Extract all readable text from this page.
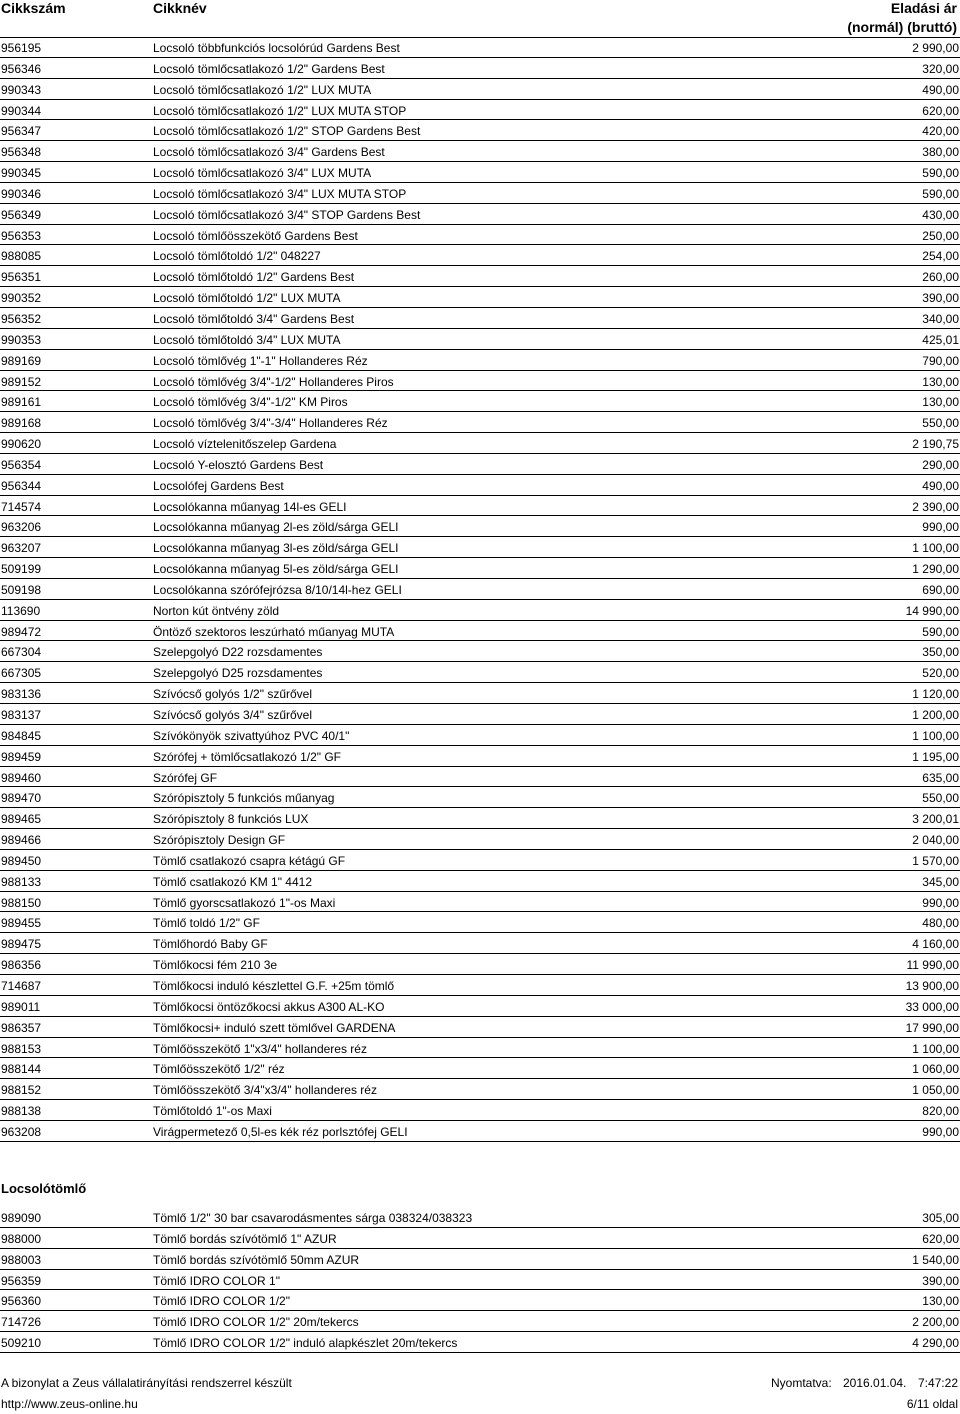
Cikkszám	Cikknév	Eladási ár
(normál) (bruttó)
956195	Locsoló többfunkciós locsolórúd Gardens Best	2 990,00
956346	Locsoló tömlőcsatlakozó 1/2" Gardens Best	320,00
990343	Locsoló tömlőcsatlakozó 1/2" LUX MUTA	490,00
990344	Locsoló tömlőcsatlakozó 1/2" LUX MUTA STOP	620,00
956347	Locsoló tömlőcsatlakozó 1/2" STOP Gardens Best	420,00
956348	Locsoló tömlőcsatlakozó 3/4" Gardens Best	380,00
990345	Locsoló tömlőcsatlakozó 3/4" LUX MUTA	590,00
990346	Locsoló tömlőcsatlakozó 3/4" LUX MUTA STOP	590,00
956349	Locsoló tömlőcsatlakozó 3/4" STOP Gardens Best	430,00
956353	Locsoló tömlőösszekötő Gardens Best	250,00
988085	Locsoló tömlőtoldó 1/2" 048227	254,00
956351	Locsoló tömlőtoldó 1/2" Gardens Best	260,00
990352	Locsoló tömlőtoldó 1/2" LUX MUTA	390,00
956352	Locsoló tömlőtoldó 3/4" Gardens Best	340,00
990353	Locsoló tömlőtoldó 3/4" LUX MUTA	425,01
989169	Locsoló tömlővég 1"-1" Hollanderes Réz	790,00
989152	Locsoló tömlővég 3/4"-1/2" Hollanderes Piros	130,00
989161	Locsoló tömlővég 3/4"-1/2" KM Piros	130,00
989168	Locsoló tömlővég 3/4"-3/4" Hollanderes Réz	550,00
990620	Locsoló víztelenitőszelep Gardena	2 190,75
956354	Locsoló Y-elosztó Gardens Best	290,00
956344	Locsolófej Gardens Best	490,00
714574	Locsolókanna műanyag 14l-es GELI	2 390,00
963206	Locsolókanna műanyag 2l-es zöld/sárga GELI	990,00
963207	Locsolókanna műanyag 3l-es zöld/sárga GELI	1 100,00
509199	Locsolókanna műanyag 5l-es zöld/sárga GELI	1 290,00
509198	Locsolókanna szórófejrózsa 8/10/14l-hez GELI	690,00
113690	Norton kút öntvény zöld	14 990,00
989472	Öntöző szektoros leszúrható műanyag MUTA	590,00
667304	Szelepgolyó D22 rozsdamentes	350,00
667305	Szelepgolyó D25 rozsdamentes	520,00
983136	Szívócső golyós 1/2" szűrővel	1 120,00
983137	Szívócső golyós 3/4" szűrővel	1 200,00
984845	Szívókönyök szivattyúhoz PVC 40/1"	1 100,00
989459	Szórófej + tömlőcsatlakozó 1/2" GF	1 195,00
989460	Szórófej GF	635,00
989470	Szórópisztoly 5 funkciós műanyag	550,00
989465	Szórópisztoly 8 funkciós LUX	3 200,01
989466	Szórópisztoly Design GF	2 040,00
989450	Tömlő csatlakozó csapra kétágú GF	1 570,00
988133	Tömlő csatlakozó KM 1" 4412	345,00
988150	Tömlő gyorscsatlakozó 1"-os Maxi	990,00
989455	Tömlő toldó 1/2" GF	480,00
989475	Tömlőhordó Baby GF	4 160,00
986356	Tömlőkocsi fém 210 3e	11 990,00
714687	Tömlőkocsi induló készlettel G.F. +25m tömlő	13 900,00
989011	Tömlőkocsi öntözőkocsi akkus A300 AL-KO	33 000,00
986357	Tömlőkocsi+ induló szett tömlővel GARDENA	17 990,00
988153	Tömlőösszekötő 1"x3/4" hollanderes réz	1 100,00
988144	Tömlőösszekötő 1/2" réz	1 060,00
988152	Tömlőösszekötő 3/4"x3/4" hollanderes réz	1 050,00
988138	Tömlőtoldó 1"-os Maxi	820,00
963208	Virágpermetező 0,5l-es kék réz porlsztófej GELI	990,00
Locsolótömlő
989090	Tömlő 1/2" 30 bar csavarodásmentes sárga 038324/038323	305,00
988000	Tömlő bordás szívótömlő 1" AZUR	620,00
988003	Tömlő bordás szívótömlő 50mm AZUR	1 540,00
956359	Tömlő IDRO COLOR 1"	390,00
956360	Tömlő IDRO COLOR 1/2"	130,00
714726	Tömlő IDRO COLOR 1/2" 20m/tekercs	2 200,00
509210	Tömlő IDRO COLOR 1/2" induló alapkészlet 20m/tekercs	4 290,00
A bizonylat a Zeus vállalatirányítási rendszerrel készült	Nyomtatva: 2016.01.04. 7:47:22
http://www.zeus-online.hu	6/11 oldal
